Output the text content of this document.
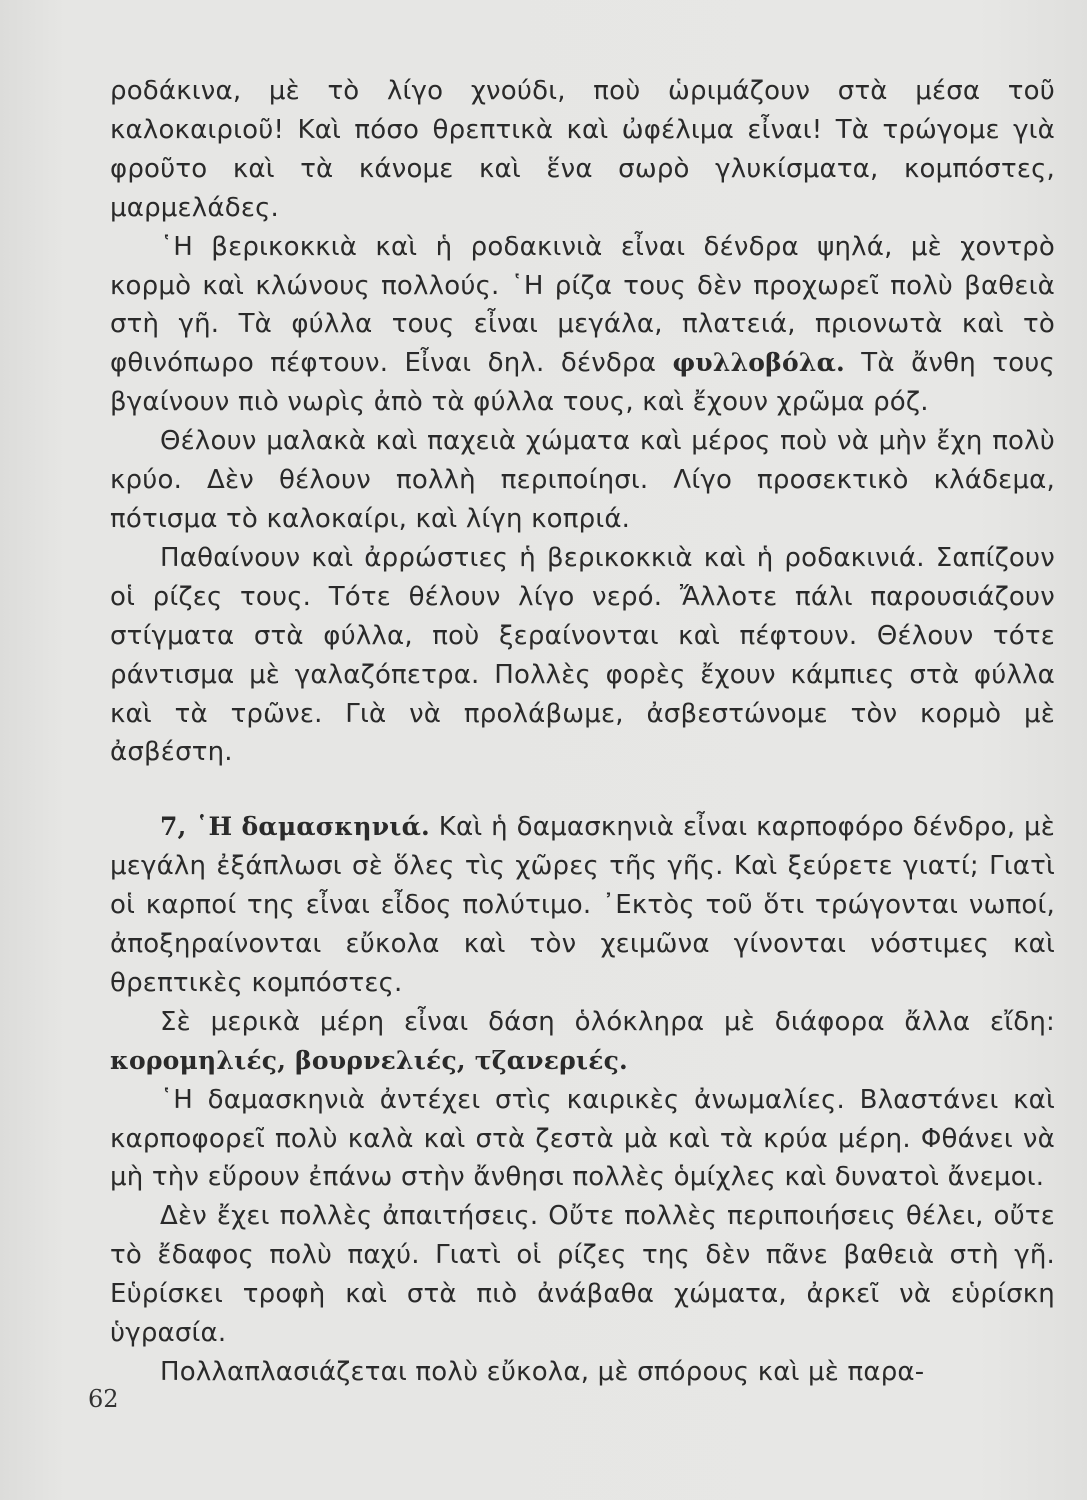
ροδάκινα, μὲ τὸ λίγο χνούδι, ποὺ ὡριμάζουν στὰ μέσα τοῦ καλοκαιριοῦ! Καὶ πόσο θρεπτικὰ καὶ ὠφέλιμα εἶναι! Τὰ τρώγομε γιὰ φροῦτο καὶ τὰ κάνομε καὶ ἕνα σωρὸ γλυκίσματα, κομπόστες, μαρμελάδες.

῾Η βερικοκκιὰ καὶ ἡ ροδακινιὰ εἶναι δένδρα ψηλά, μὲ χοντρὸ κορμὸ καὶ κλώνους πολλούς. ῾Η ρίζα τους δὲν προχωρεῖ πολὺ βαθειὰ στὴ γῆ. Τὰ φύλλα τους εἶναι μεγάλα, πλατειά, πριονωτὰ καὶ τὸ φθινόπωρο πέφτουν. Εἶναι δηλ. δένδρα φυλλοβόλα. Τὰ ἄνθη τους βγαίνουν πιὸ νωρὶς ἀπὸ τὰ φύλλα τους, καὶ ἔχουν χρῶμα ρόζ.

Θέλουν μαλακὰ καὶ παχειὰ χώματα καὶ μέρος ποὺ νὰ μὴν ἔχη πολὺ κρύο. Δὲν θέλουν πολλὴ περιποίησι. Λίγο προσεκτικὸ κλάδεμα, πότισμα τὸ καλοκαίρι, καὶ λίγη κοπριά.

Παθαίνουν καὶ ἀρρώστιες ἡ βερικοκκιὰ καὶ ἡ ροδακινιά. Σαπίζουν οἱ ρίζες τους. Τότε θέλουν λίγο νερό. Ἄλλοτε πάλι παρουσιάζουν στίγματα στὰ φύλλα, ποὺ ξεραίνονται καὶ πέφτουν. Θέλουν τότε ράντισμα μὲ γαλαζόπετρα. Πολλὲς φορὲς ἔχουν κάμπιες στὰ φύλλα καὶ τὰ τρῶνε. Γιὰ νὰ προλάβωμε, ἀσβεστώνομε τὸν κορμὸ μὲ ἀσβέστη.

7, ῾Η δαμασκηνιά. Καὶ ἡ δαμασκηνιὰ εἶναι καρποφόρο δένδρο, μὲ μεγάλη ἐξάπλωσι σὲ ὅλες τὶς χῶρες τῆς γῆς. Καὶ ξεύρετε γιατί; Γιατὶ οἱ καρποί της εἶναι εἶδος πολύτιμο. ᾽Εκτὸς τοῦ ὅτι τρώγονται νωποί, ἀποξηραίνονται εὔκολα καὶ τὸν χειμῶνα γίνονται νόστιμες καὶ θρεπτικὲς κομπόστες.

Σὲ μερικὰ μέρη εἶναι δάση ὁλόκληρα μὲ διάφορα ἄλλα εἴδη: κορομηλιές, βουρνελιές, τζανεριές.

῾Η δαμασκηνιὰ ἀντέχει στὶς καιρικὲς ἀνωμαλίες. Βλαστάνει καὶ καρποφορεῖ πολὺ καλὰ καὶ στὰ ζεστὰ μὰ καὶ τὰ κρύα μέρη. Φθάνει νὰ μὴ τὴν εὕρουν ἐπάνω στὴν ἄνθησι πολλὲς ὁμίχλες καὶ δυνατοὶ ἄνεμοι.

Δὲν ἔχει πολλὲς ἀπαιτήσεις. Οὔτε πολλὲς περιποιήσεις θέλει, οὔτε τὸ ἔδαφος πολὺ παχύ. Γιατὶ οἱ ρίζες της δὲν πᾶνε βαθειὰ στὴ γῆ. Εὑρίσκει τροφὴ καὶ στὰ πιὸ ἀνάβαθα χώματα, ἀρκεῖ νὰ εὑρίσκη ὑγρασία.

Πολλαπλασιάζεται πολὺ εὔκολα, μὲ σπόρους καὶ μὲ παρα-

62
